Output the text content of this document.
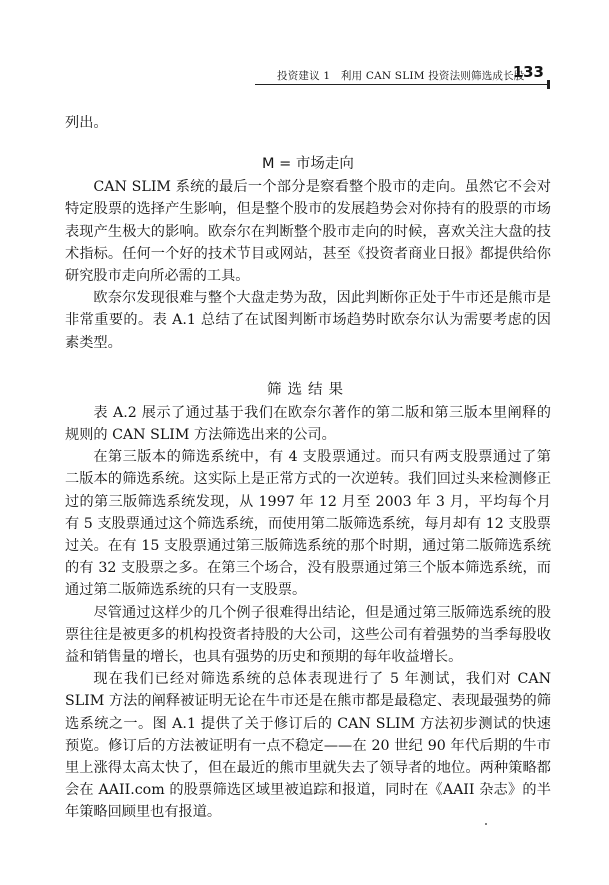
投资建议 1　利用 CAN SLIM 投资法则筛选成长股
133

列出。

M = 市场走向

CAN SLIM 系统的最后一个部分是察看整个股市的走向。虽然它不会对特定股票的选择产生影响，但是整个股市的发展趋势会对你持有的股票的市场表现产生极大的影响。欧奈尔在判断整个股市走向的时候，喜欢关注大盘的技术指标。任何一个好的技术节目或网站，甚至《投资者商业日报》都提供给你研究股市走向所必需的工具。

欧奈尔发现很难与整个大盘走势为敌，因此判断你正处于牛市还是熊市是非常重要的。表 A.1 总结了在试图判断市场趋势时欧奈尔认为需要考虑的因素类型。

筛选结果

表 A.2 展示了通过基于我们在欧奈尔著作的第二版和第三版本里阐释的规则的 CAN SLIM 方法筛选出来的公司。

在第三版本的筛选系统中，有 4 支股票通过。而只有两支股票通过了第二版本的筛选系统。这实际上是正常方式的一次逆转。我们回过头来检测修正过的第三版筛选系统发现，从 1997 年 12 月至 2003 年 3 月，平均每个月有 5 支股票通过这个筛选系统，而使用第二版筛选系统，每月却有 12 支股票过关。在有 15 支股票通过第三版筛选系统的那个时期，通过第二版筛选系统的有 32 支股票之多。在第三个场合，没有股票通过第三个版本筛选系统，而通过第二版筛选系统的只有一支股票。

尽管通过这样少的几个例子很难得出结论，但是通过第三版筛选系统的股票往往是被更多的机构投资者持股的大公司，这些公司有着强势的当季每股收益和销售量的增长，也具有强势的历史和预期的每年收益增长。

现在我们已经对筛选系统的总体表现进行了 5 年测试，我们对 CAN SLIM 方法的阐释被证明无论在牛市还是在熊市都是最稳定、表现最强势的筛选系统之一。图 A.1 提供了关于修订后的 CAN SLIM 方法初步测试的快速预览。修订后的方法被证明有一点不稳定——在 20 世纪 90 年代后期的牛市里上涨得太高太快了，但在最近的熊市里就失去了领导者的地位。两种策略都会在 AAII.com 的股票筛选区域里被追踪和报道，同时在《AAII 杂志》的半年策略回顾里也有报道。
